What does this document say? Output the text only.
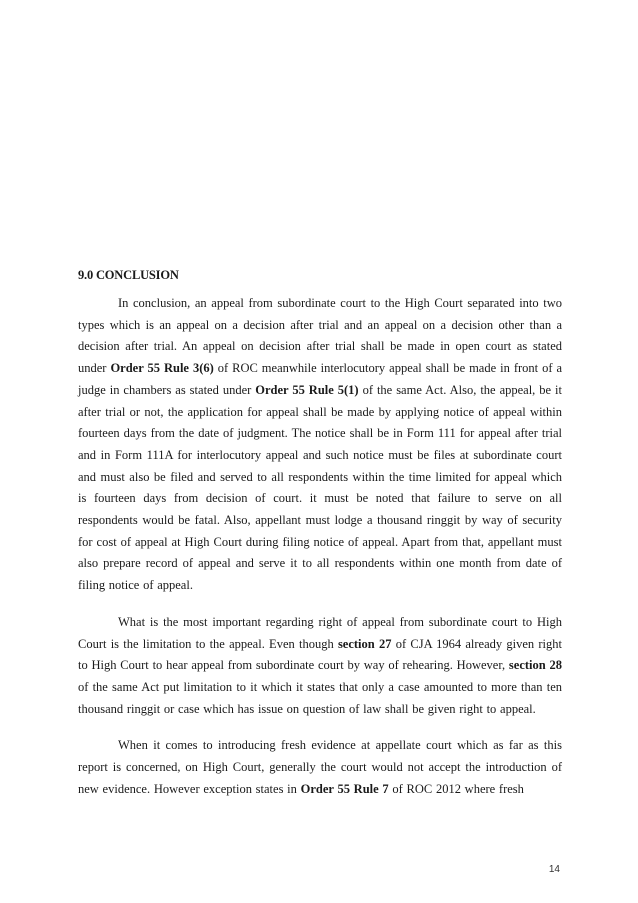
9.0 CONCLUSION

In conclusion, an appeal from subordinate court to the High Court separated into two types which is an appeal on a decision after trial and an appeal on a decision other than a decision after trial. An appeal on decision after trial shall be made in open court as stated under Order 55 Rule 3(6) of ROC meanwhile interlocutory appeal shall be made in front of a judge in chambers as stated under Order 55 Rule 5(1) of the same Act. Also, the appeal, be it after trial or not, the application for appeal shall be made by applying notice of appeal within fourteen days from the date of judgment. The notice shall be in Form 111 for appeal after trial and in Form 111A for interlocutory appeal and such notice must be files at subordinate court and must also be filed and served to all respondents within the time limited for appeal which is fourteen days from decision of court. it must be noted that failure to serve on all respondents would be fatal. Also, appellant must lodge a thousand ringgit by way of security for cost of appeal at High Court during filing notice of appeal. Apart from that, appellant must also prepare record of appeal and serve it to all respondents within one month from date of filing notice of appeal.

What is the most important regarding right of appeal from subordinate court to High Court is the limitation to the appeal. Even though section 27 of CJA 1964 already given right to High Court to hear appeal from subordinate court by way of rehearing. However, section 28 of the same Act put limitation to it which it states that only a case amounted to more than ten thousand ringgit or case which has issue on question of law shall be given right to appeal.

When it comes to introducing fresh evidence at appellate court which as far as this report is concerned, on High Court, generally the court would not accept the introduction of new evidence. However exception states in Order 55 Rule 7 of ROC 2012 where fresh

14
